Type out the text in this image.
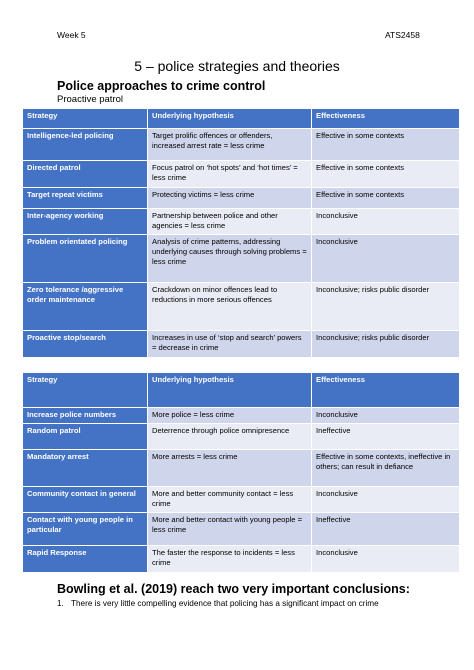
Week 5	ATS2458
5 – police strategies and theories
Police approaches to crime control
Proactive patrol
Strategy	Underlying hypothesis	Effectiveness
Intelligence-led policing	Target prolific offences or offenders, increased arrest rate = less crime	Effective in some contexts
Directed patrol	Focus patrol on ‘hot spots’ and ‘hot times’ = less crime	Effective in some contexts
Target repeat victims	Protecting victims = less crime	Effective in some contexts
Inter-agency working	Partnership between police and other agencies = less crime	Inconclusive
Problem orientated policing	Analysis of crime patterns, addressing underlying causes through solving problems = less crime	Inconclusive
Zero tolerance /aggressive order maintenance	Crackdown on minor offences lead to reductions in more serious offences	Inconclusive; risks public disorder
Proactive stop/search	Increases in use of ‘stop and search’ powers = decrease in crime	Inconclusive; risks public disorder
Strategy	Underlying hypothesis	Effectiveness
Increase police numbers	More police = less crime	Inconclusive
Random patrol	Deterrence through police omnipresence	Ineffective
Mandatory arrest	More arrests = less crime	Effective in some contexts, ineffective in others; can result in defiance
Community contact in general	More and better community contact = less crime	Inconclusive
Contact with young people in particular	More and better contact with young people = less crime	Ineffective
Rapid Response	The faster the response to incidents = less crime	Inconclusive
Bowling et al. (2019) reach two very important conclusions:
1. There is very little compelling evidence that policing has a significant impact on crime
